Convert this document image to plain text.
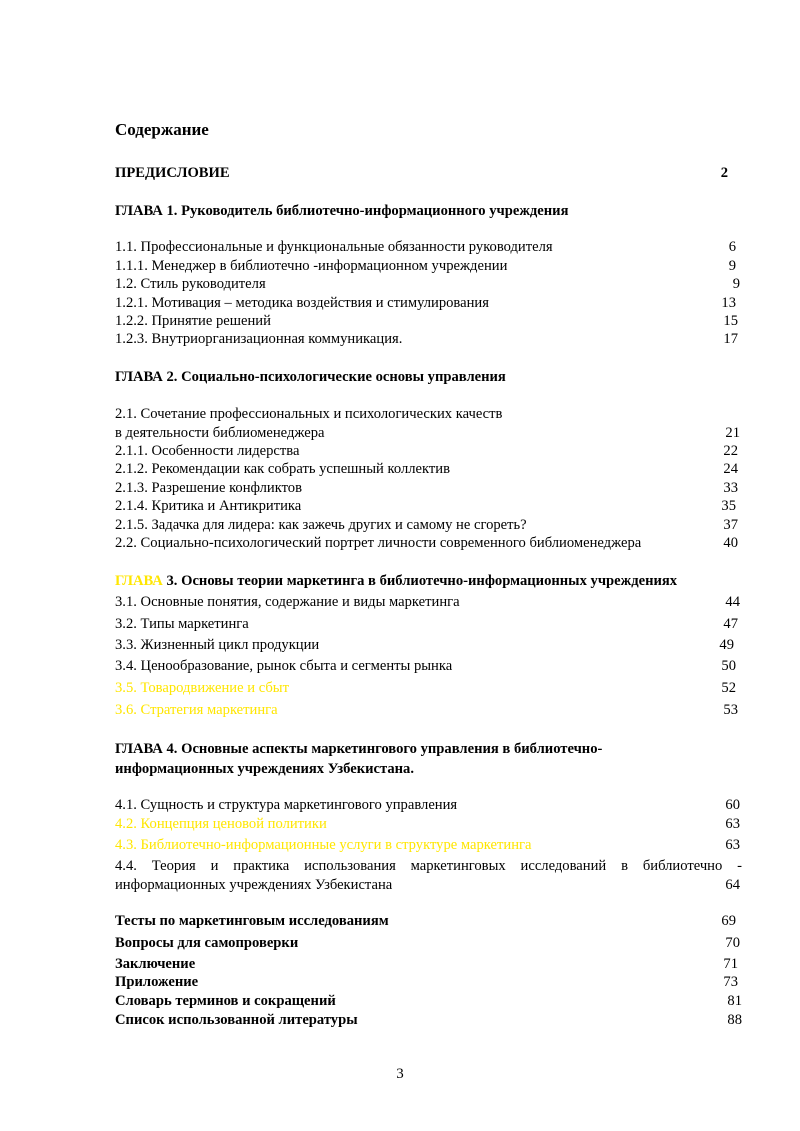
Содержание
ПРЕДИСЛОВИЕ	2
ГЛАВА 1. Руководитель библиотечно-информационного учреждения
1.1. Профессиональные и функциональные обязанности руководителя	6
1.1.1. Менеджер в библиотечно -информационном учреждении	9
1.2. Стиль руководителя	9
1.2.1. Мотивация – методика воздействия и стимулирования	13
1.2.2. Принятие решений	15
1.2.3. Внутриорганизационная коммуникация.	17
ГЛАВА 2. Социально-психологические основы управления
2.1. Сочетание профессиональных и психологических качеств
в деятельности библиоменеджера	21
2.1.1. Особенности лидерства	22
2.1.2. Рекомендации как собрать успешный коллектив	24
2.1.3. Разрешение конфликтов	33
2.1.4. Критика и Антикритика	35
2.1.5. Задачка для лидера: как зажечь других и самому не сгореть?	37
2.2. Социально-психологический портрет личности современного библиоменеджера	40
ГЛАВА 3. Основы теории маркетинга в библиотечно-информационных учреждениях
3.1. Основные понятия, содержание и виды маркетинга	44
3.2. Типы маркетинга	47
3.3. Жизненный цикл продукции	49
3.4. Ценообразование, рынок сбыта и сегменты рынка	50
3.5. Товародвижение и сбыт	52
3.6. Стратегия маркетинга	53
ГЛАВА 4. Основные аспекты маркетингового управления в библиотечно-
информационных учреждениях Узбекистана.
4.1. Сущность и структура маркетингового управления	60
4.2. Концепция ценовой политики	63
4.3. Библиотечно-информационные услуги в структуре маркетинга	63
4.4. Теория и практика использования маркетинговых исследований в библиотечно -
информационных учреждениях Узбекистана	64
Тесты по маркетинговым исследованиям	69
Вопросы для самопроверки	70
Заключение	71
Приложение	73
Словарь терминов и сокращений	81
Список использованной литературы	88
3
